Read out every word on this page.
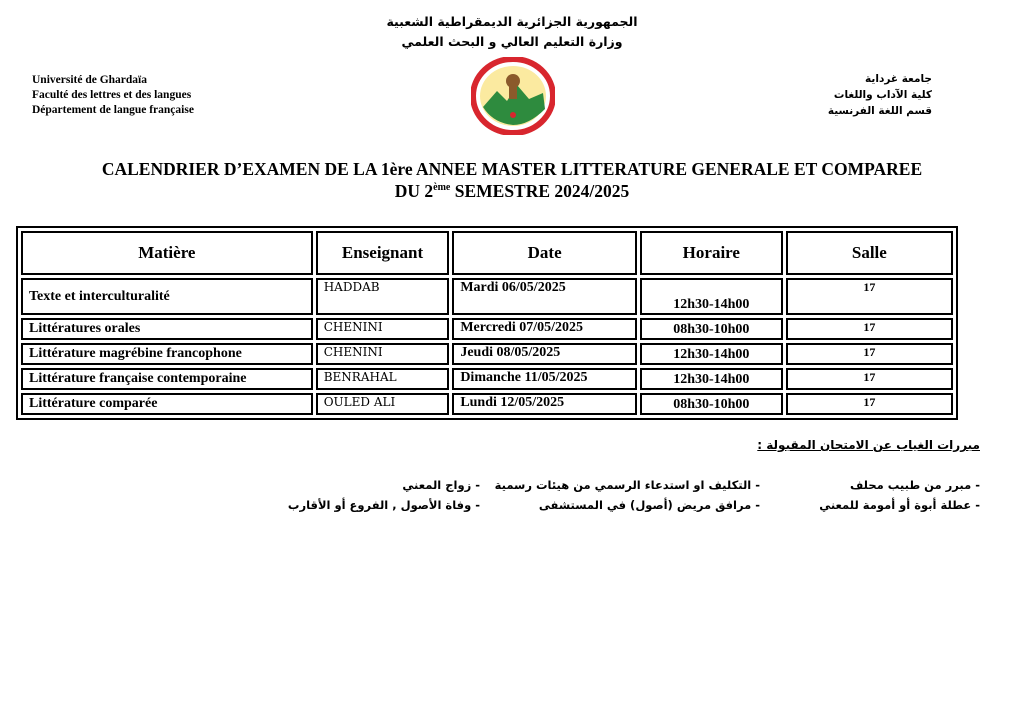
الجمهورية الجزائرية الديمقراطية الشعبية
وزارة التعليم العالي و البحث العلمي
Université de Ghardaïa
Faculté des lettres et des langues
Département de langue française
جامعة غرداية
كلية الآداب واللغات
قسم اللغة الفرنسية
CALENDRIER D’EXAMEN DE LA 1ère ANNEE MASTER LITTERATURE GENERALE ET COMPAREE
DU 2ème SEMESTRE 2024/2025
Matière	Enseignant	Date	Horaire	Salle
Texte et interculturalité	HADDAB	Mardi 06/05/2025	12h30-14h00	17
Littératures orales	CHENINI	Mercredi 07/05/2025	08h30-10h00	17
Littérature magrébine francophone	CHENINI	Jeudi 08/05/2025	12h30-14h00	17
Littérature française contemporaine	BENRAHAL	Dimanche 11/05/2025	12h30-14h00	17
Littérature comparée	OULED ALI	Lundi 12/05/2025	08h30-10h00	17
مبررات الغياب عن الامتحان المقبولة :
- مبرر من طبيب محلف
- التكليف او استدعاء الرسمي من هيئات رسمية
- زواج المعني
- عطلة أبوة أو أمومة للمعني
- مرافق مريض (أصول) في المستشفى
- وفاة الأصول , الفروع أو الأقارب
